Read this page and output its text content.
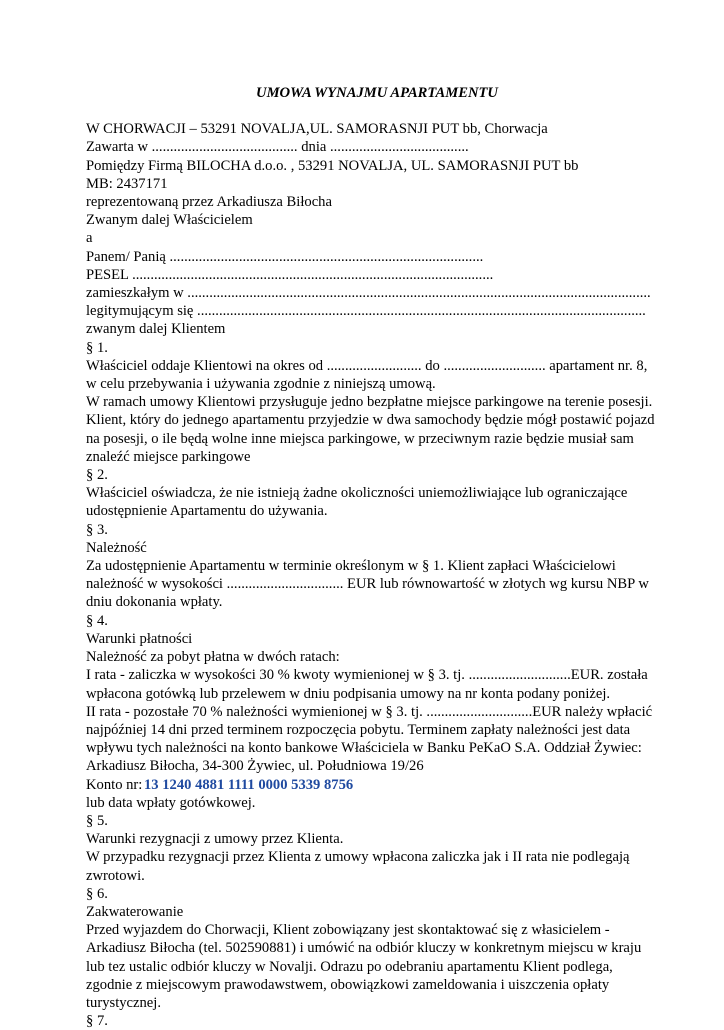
UMOWA WYNAJMU APARTAMENTU
W CHORWACJI – 53291 NOVALJA,UL. SAMORASNJI PUT bb, Chorwacja
Zawarta w ........................................ dnia ......................................
Pomiędzy Firmą BILOCHA d.o.o. , 53291 NOVALJA, UL. SAMORASNJI PUT bb
MB: 2437171
reprezentowaną przez Arkadiusza Biłocha
Zwanym dalej Właścicielem
a
Panem/ Panią ......................................................................................
PESEL ...................................................................................................
zamieszkałym w ...............................................................................................................................
legitymującym się ...........................................................................................................................
zwanym dalej Klientem
§ 1.
Właściciel oddaje Klientowi na okres od .......................... do ............................ apartament nr. 8,
w celu przebywania i używania zgodnie z niniejszą umową.
W ramach umowy Klientowi przysługuje jedno bezpłatne miejsce parkingowe na terenie posesji.
Klient, który do jednego apartamentu przyjedzie w dwa samochody będzie mógł postawić pojazd
na posesji, o ile będą wolne inne miejsca parkingowe, w przeciwnym razie będzie musiał sam
znaleźć miejsce parkingowe
§ 2.
Właściciel oświadcza, że nie istnieją żadne okoliczności uniemożliwiające lub ograniczające
udostępnienie Apartamentu do używania.
§ 3.
Należność
Za udostępnienie Apartamentu w terminie określonym w § 1. Klient zapłaci Właścicielowi
należność w wysokości ................................ EUR lub równowartość w złotych wg kursu NBP w
dniu dokonania wpłaty.
§ 4.
Warunki płatności
Należność za pobyt płatna w dwóch ratach:
I rata - zaliczka w wysokości 30 % kwoty wymienionej w § 3. tj. ............................EUR. została
wpłacona gotówką lub przelewem w dniu podpisania umowy na nr konta podany poniżej.
II rata - pozostałe 70 % należności wymienionej w § 3. tj. .............................EUR należy wpłacić
najpóźniej 14 dni przed terminem rozpoczęcia pobytu. Terminem zapłaty należności jest data
wpływu tych należności na konto bankowe Właściciela w Banku PeKaO S.A. Oddział Żywiec:
Arkadiusz Biłocha, 34-300 Żywiec, ul. Południowa 19/26
Konto nr: 13 1240 4881 1111 0000 5339 8756
lub data wpłaty gotówkowej.
§ 5.
Warunki rezygnacji z umowy przez Klienta.
W przypadku rezygnacji przez Klienta z umowy wpłacona zaliczka jak i II rata nie podlegają
zwrotowi.
§ 6.
Zakwaterowanie
Przed wyjazdem do Chorwacji, Klient zobowiązany jest skontaktować się z własicielem -
Arkadiusz Biłocha (tel. 502590881) i umówić na odbiór kluczy w konkretnym miejscu w kraju
lub tez ustalic odbiór kluczy w Novalji. Odrazu po odebraniu apartamentu Klient podlega,
zgodnie z miejscowym prawodawstwem, obowiązkowi zameldowania i uiszczenia opłaty
turystycznej.
§ 7.
